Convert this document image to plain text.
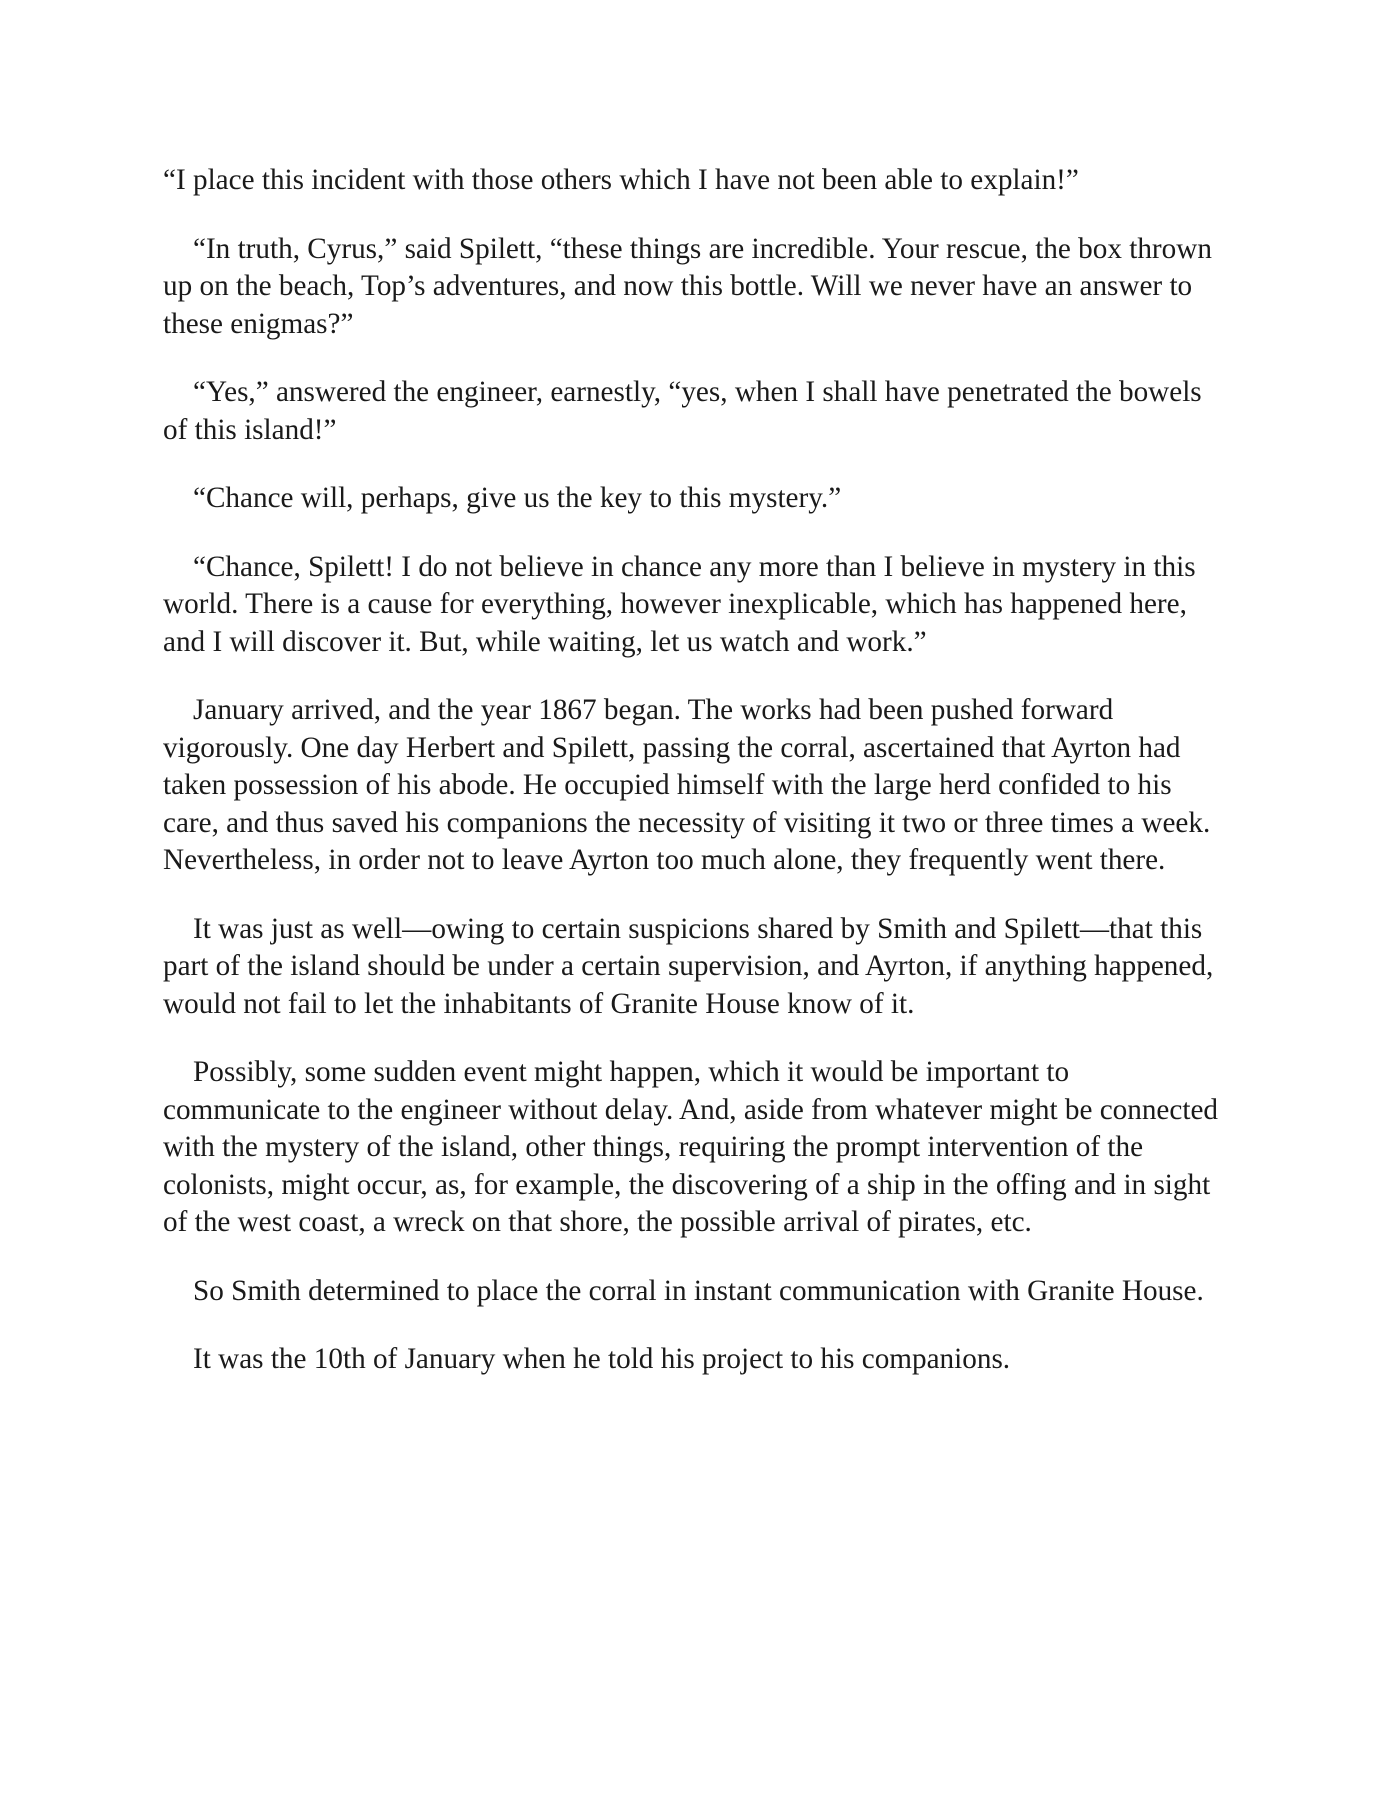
“I place this incident with those others which I have not been able to explain!”

“In truth, Cyrus,” said Spilett, “these things are incredible. Your rescue, the box thrown up on the beach, Top’s adventures, and now this bottle. Will we never have an answer to these enigmas?”

“Yes,” answered the engineer, earnestly, “yes, when I shall have penetrated the bowels of this island!”

“Chance will, perhaps, give us the key to this mystery.”

“Chance, Spilett! I do not believe in chance any more than I believe in mystery in this world. There is a cause for everything, however inexplicable, which has happened here, and I will discover it. But, while waiting, let us watch and work.”

January arrived, and the year 1867 began. The works had been pushed forward vigorously. One day Herbert and Spilett, passing the corral, ascertained that Ayrton had taken possession of his abode. He occupied himself with the large herd confided to his care, and thus saved his companions the necessity of visiting it two or three times a week. Nevertheless, in order not to leave Ayrton too much alone, they frequently went there.

It was just as well—owing to certain suspicions shared by Smith and Spilett—that this part of the island should be under a certain supervision, and Ayrton, if anything happened, would not fail to let the inhabitants of Granite House know of it.

Possibly, some sudden event might happen, which it would be important to communicate to the engineer without delay. And, aside from whatever might be connected with the mystery of the island, other things, requiring the prompt intervention of the colonists, might occur, as, for example, the discovering of a ship in the offing and in sight of the west coast, a wreck on that shore, the possible arrival of pirates, etc.

So Smith determined to place the corral in instant communication with Granite House.

It was the 10th of January when he told his project to his companions.
